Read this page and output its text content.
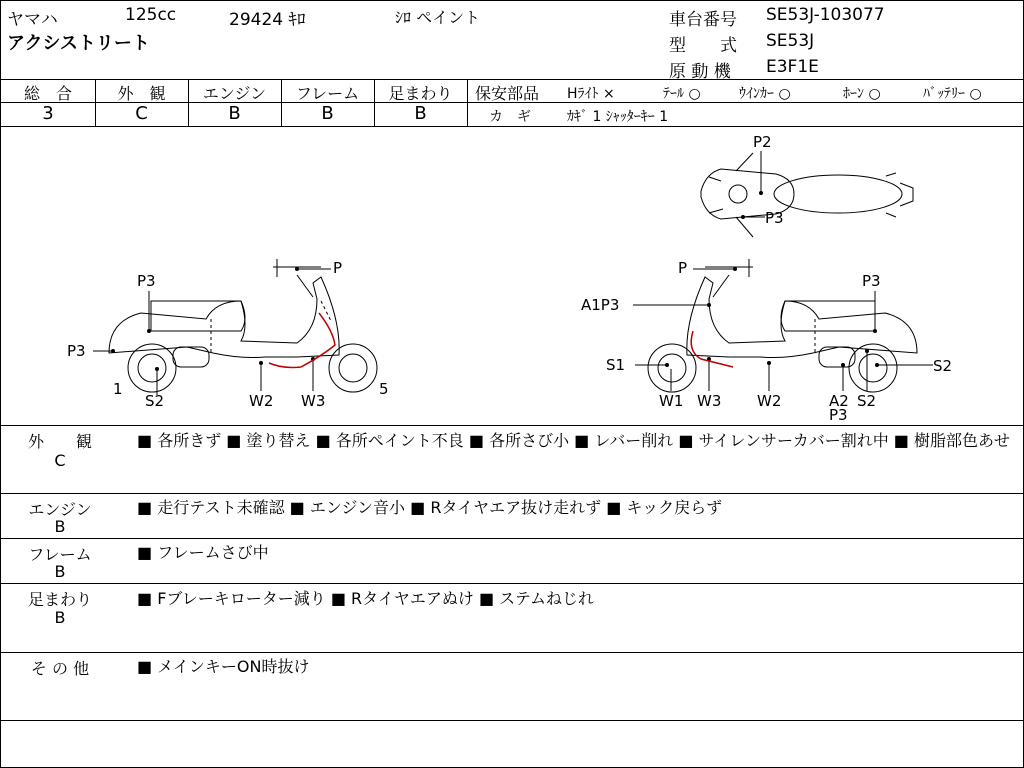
ヤマハ	125cc	29424 ｷﾛ	ｼﾛ ペイント
アクシストリート
車台番号 SE53J-103077
型　　式 SE53J
原 動 機 E3F1E
総　合	外　観	エンジン	フレーム	足まわり
3	C	B	B	B
保安部品 Hﾗｲﾄ ×	ﾃｰﾙ ○	ｳｲﾝｶｰ ○	ﾎｰﾝ ○	ﾊﾞｯﾃﾘｰ ○
カ　ギ	ｶｷﾞ 1 ｼｬｯﾀｰｷｰ 1
P2
P3
P
P3
P3
1
S2	W2 W3
5
P
A1P3
P3
S1	S2
W1 W3 W2	A2
P3
S2
外　　観
C
■ 各所きず ■ 塗り替え ■ 各所ペイント不良 ■ 各所さび小 ■ レバー削れ ■ サイレンサーカバー割れ中 ■ 樹脂部色あせ
エンジン
B
■ 走行テスト未確認 ■ エンジン音小 ■ Rタイヤエア抜け走れず ■ キック戻らず
フレーム
B
■ フレームさび中
足まわり
B
■ Fブレーキローター減り ■ Rタイヤエアぬけ ■ ステムねじれ
そ の 他	■ メインキーON時抜け
